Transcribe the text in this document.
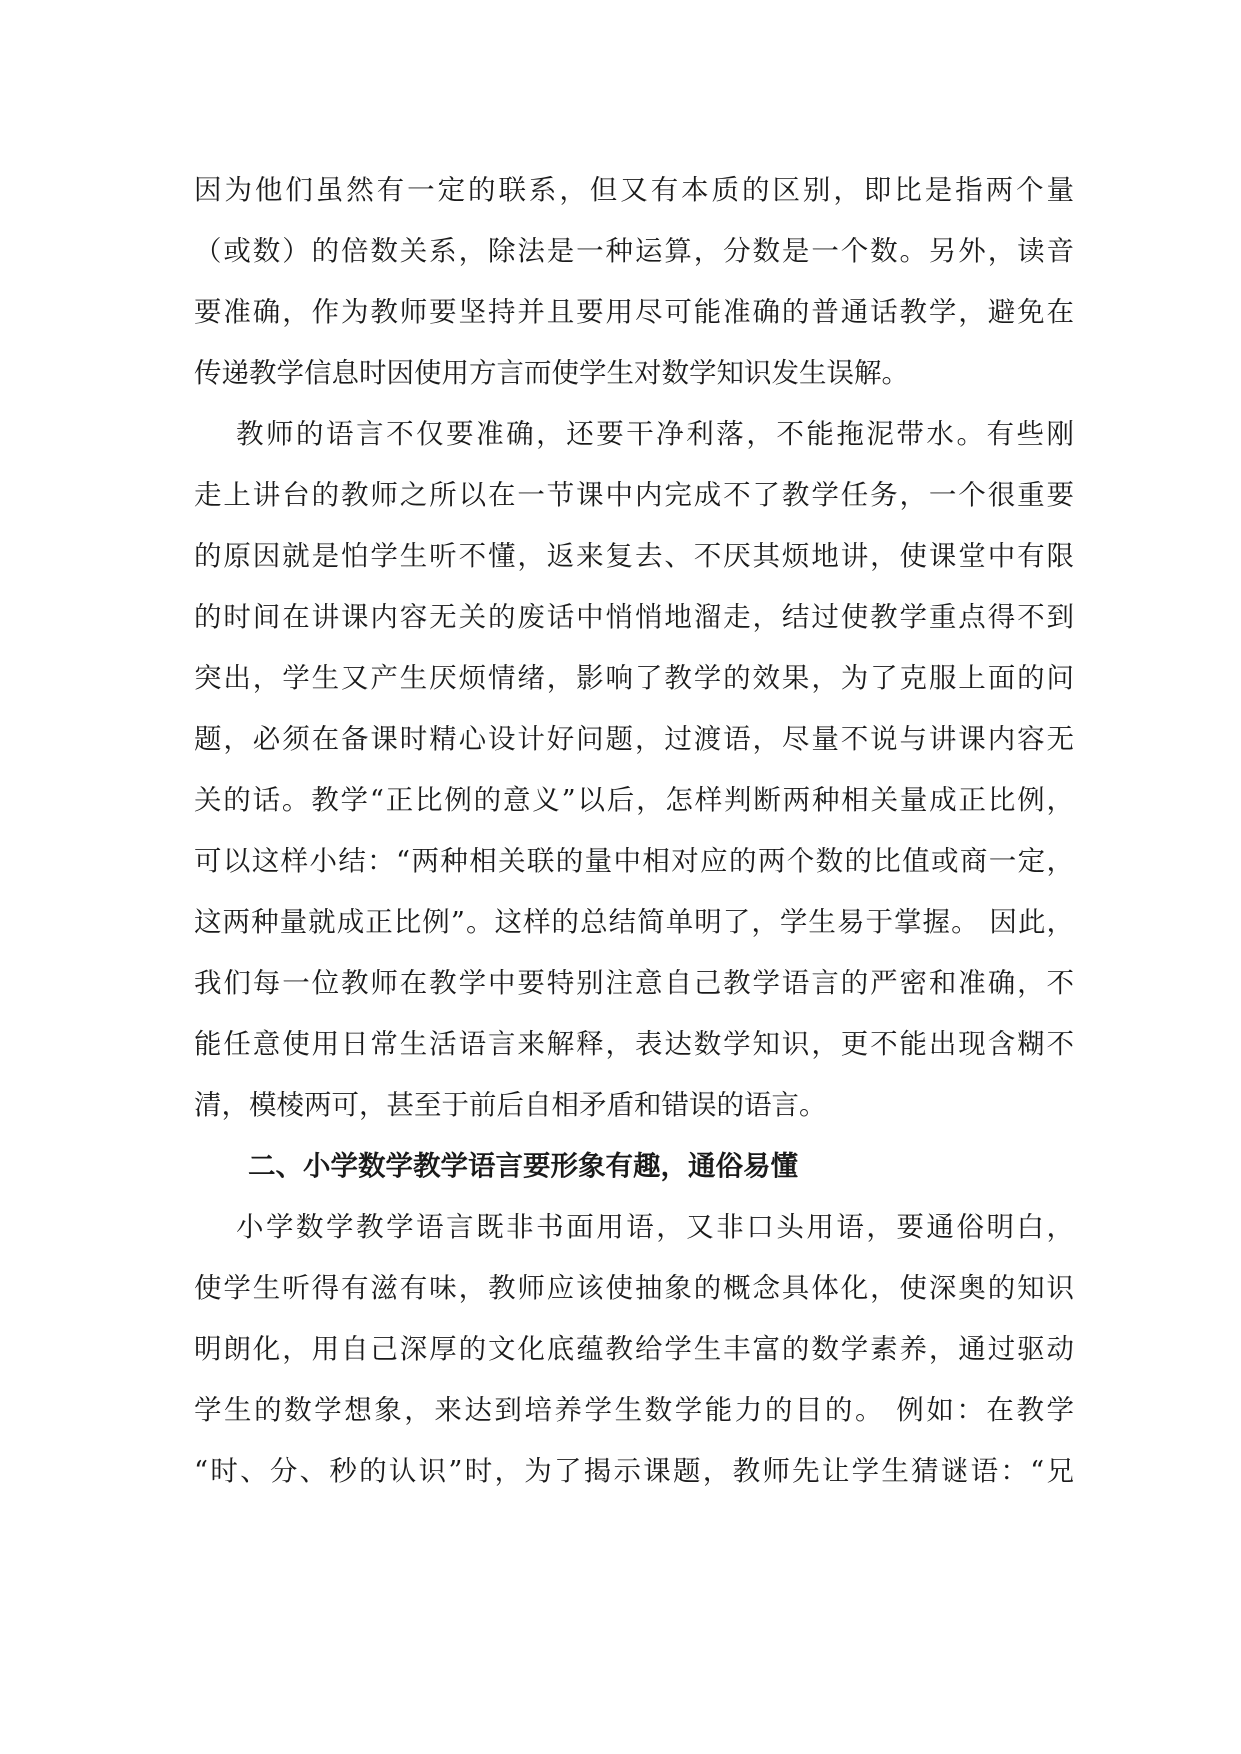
因为他们虽然有一定的联系，但又有本质的区别，即比是指两个量
（或数）的倍数关系，除法是一种运算，分数是一个数。另外，读音
要准确，作为教师要坚持并且要用尽可能准确的普通话教学，避免在
传递教学信息时因使用方言而使学生对数学知识发生误解。
教师的语言不仅要准确，还要干净利落，不能拖泥带水。有些刚
走上讲台的教师之所以在一节课中内完成不了教学任务，一个很重要
的原因就是怕学生听不懂，返来复去、不厌其烦地讲，使课堂中有限
的时间在讲课内容无关的废话中悄悄地溜走，结过使教学重点得不到
突出，学生又产生厌烦情绪，影响了教学的效果，为了克服上面的问
题，必须在备课时精心设计好问题，过渡语，尽量不说与讲课内容无
关的话。教学“正比例的意义”以后，怎样判断两种相关量成正比例，
可以这样小结：“两种相关联的量中相对应的两个数的比值或商一定，
这两种量就成正比例”。这样的总结简单明了，学生易于掌握。 因此，
我们每一位教师在教学中要特别注意自己教学语言的严密和准确，不
能任意使用日常生活语言来解释，表达数学知识，更不能出现含糊不
清，模棱两可，甚至于前后自相矛盾和错误的语言。
二、小学数学教学语言要形象有趣，通俗易懂
小学数学教学语言既非书面用语，又非口头用语，要通俗明白，
使学生听得有滋有味，教师应该使抽象的概念具体化，使深奥的知识
明朗化，用自己深厚的文化底蕴教给学生丰富的数学素养，通过驱动
学生的数学想象，来达到培养学生数学能力的目的。 例如：在教学
“时、分、秒的认识”时，为了揭示课题，教师先让学生猜谜语：“兄
